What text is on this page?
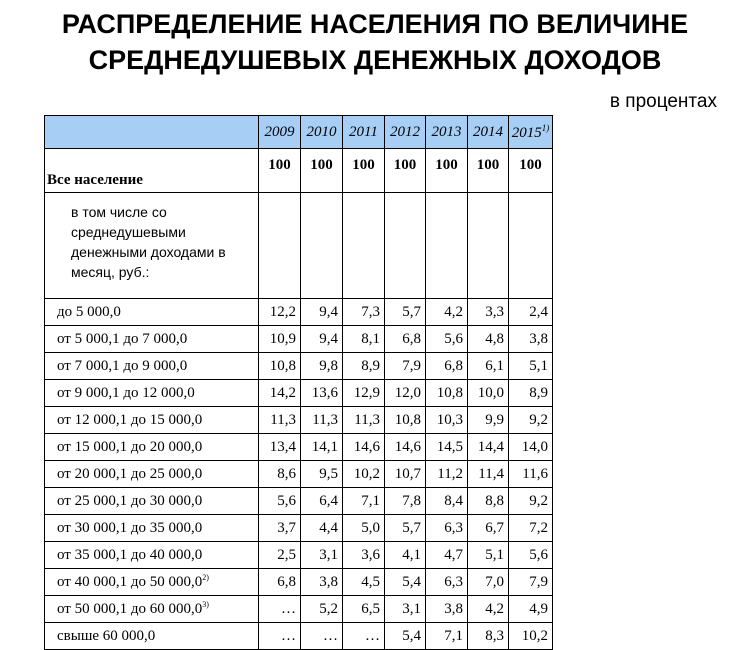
РАСПРЕДЕЛЕНИЕ НАСЕЛЕНИЯ ПО ВЕЛИЧИНЕ
СРЕДНЕДУШЕВЫХ ДЕНЕЖНЫХ ДОХОДОВ
в процентах
	2009	2010	2011	2012	2013	2014	2015$^{1)}$
Все население	100	100	100	100	100	100	100
в том числе со среднедушевыми денежными доходами в месяц, руб.:							
до 5 000,0	12,2	9,4	7,3	5,7	4,2	3,3	2,4
от 5 000,1 до 7 000,0	10,9	9,4	8,1	6,8	5,6	4,8	3,8
от 7 000,1 до 9 000,0	10,8	9,8	8,9	7,9	6,8	6,1	5,1
от 9 000,1 до 12 000,0	14,2	13,6	12,9	12,0	10,8	10,0	8,9
от 12 000,1 до 15 000,0	11,3	11,3	11,3	10,8	10,3	9,9	9,2
от 15 000,1 до 20 000,0	13,4	14,1	14,6	14,6	14,5	14,4	14,0
от 20 000,1 до 25 000,0	8,6	9,5	10,2	10,7	11,2	11,4	11,6
от 25 000,1 до 30 000,0	5,6	6,4	7,1	7,8	8,4	8,8	9,2
от 30 000,1 до 35 000,0	3,7	4,4	5,0	5,7	6,3	6,7	7,2
от 35 000,1 до 40 000,0	2,5	3,1	3,6	4,1	4,7	5,1	5,6
от 40 000,1 до 50 000,0$^{2)}$	6,8	3,8	4,5	5,4	6,3	7,0	7,9
от 50 000,1 до 60 000,0$^{3)}$	…	5,2	6,5	3,1	3,8	4,2	4,9
свыше 60 000,0	…	…	…	5,4	7,1	8,3	10,2
